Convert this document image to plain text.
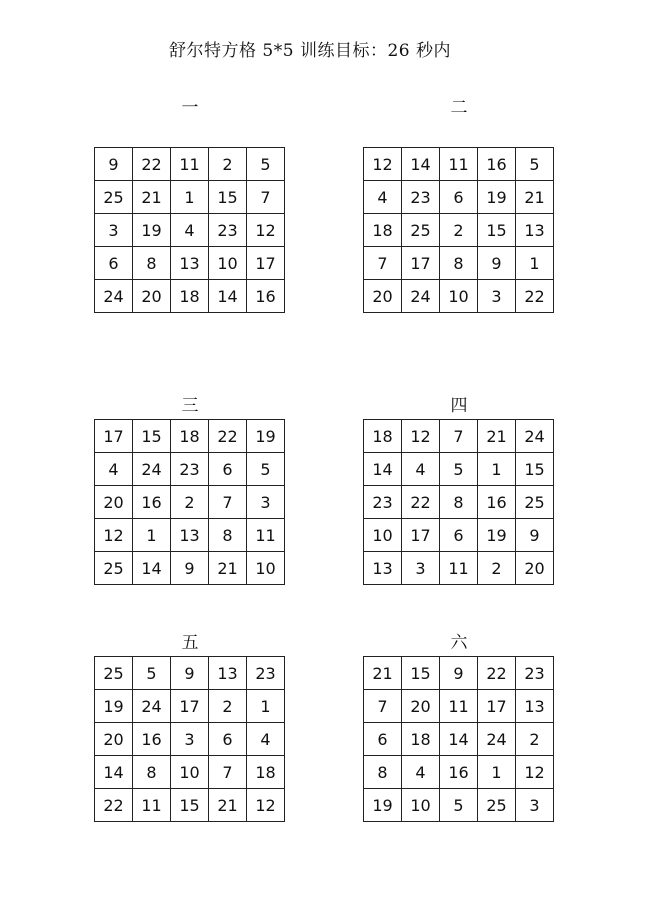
舒尔特方格 5*5 训练目标：26 秒内
一
9	22	11	2	5
25	21	1	15	7
3	19	4	23	12
6	8	13	10	17
24	20	18	14	16
二
12	14	11	16	5
4	23	6	19	21
18	25	2	15	13
7	17	8	9	1
20	24	10	3	22
三
17	15	18	22	19
4	24	23	6	5
20	16	2	7	3
12	1	13	8	11
25	14	9	21	10
四
18	12	7	21	24
14	4	5	1	15
23	22	8	16	25
10	17	6	19	9
13	3	11	2	20
五
25	5	9	13	23
19	24	17	2	1
20	16	3	6	4
14	8	10	7	18
22	11	15	21	12
六
21	15	9	22	23
7	20	11	17	13
6	18	14	24	2
8	4	16	1	12
19	10	5	25	3
